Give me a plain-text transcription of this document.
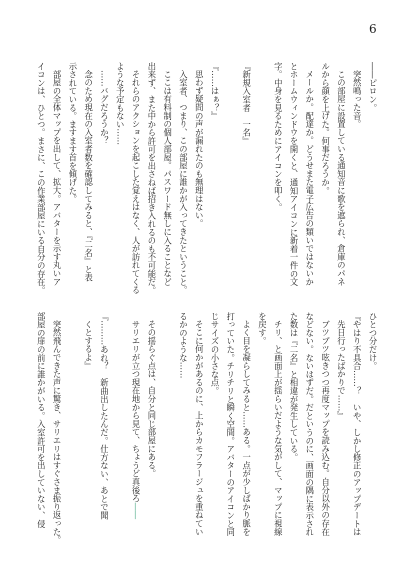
6
――ピロン。
突然鳴った音。
この部屋に設置している通知音に歌を遮られ、倉庫のパネ
ルから顔を上げた。何事だろうか。
メールか。配達か。どうせまた電子広告の類いではないか
とホームウィンドウを開くと、通知アイコンに新着一件の文
字。中身を見るためにアイコンを叩く。
『新規入室者　一名』
『……はぁ？』
思わず疑問の声が漏れたのも無理はない。
入室者、つまり、この部屋に誰かが入ってきたということ。
ここは有料制の個人部屋。パスワード無しに入ることなど
出来ず、また中から許可を出さねば招き入れるのも不可能だ。
それらのアクションを起こした覚えはなく、人が訪れてくる
ような予定もない……
……バグだろうか？
念のため現在の入室者数を確認してみると、『二名』と表
示されている。ますます首を傾げた。
部屋の全体マップを出して、拡大。アバターを示す丸いア
イコンは、ひとつ。まさに、この作業部屋にいる自分の存在。
ひとつ分だけ。
『やはり不具合……？　いや、しかし修正のアップデートは
先日行ったばかりで……』
ブツブツ呟きつつ再度マップを読み込む。自分以外の存在
などない。ないはずだ。だというのに、画面の隅に表示され
た数は『二名』と相違が発生している。
チリ、と画面上が揺らいだような気がして、マップに視線
を戻す。
よく目を凝らしてみると……ある。一点が少しばかり脈を
打っていた。チリチリと瞬く空間。アバターのアイコンと同
じサイズの小さな点。
そこに何かがあるのに、上からカモフラージュを重ねてい
るかのような……
その揺らぐ点は、自分と同じ部屋にある。
サリエリが立つ現在地から見て、ちょうど真後ろ――
『………あれ？　新曲出したんだ。仕方ない、あとで聞
くとするよ』
突然飛んできた声に驚き、サリエリはすぐさま振り返った。
部屋の扉の前に誰かがいる。入室許可を出していない、侵
